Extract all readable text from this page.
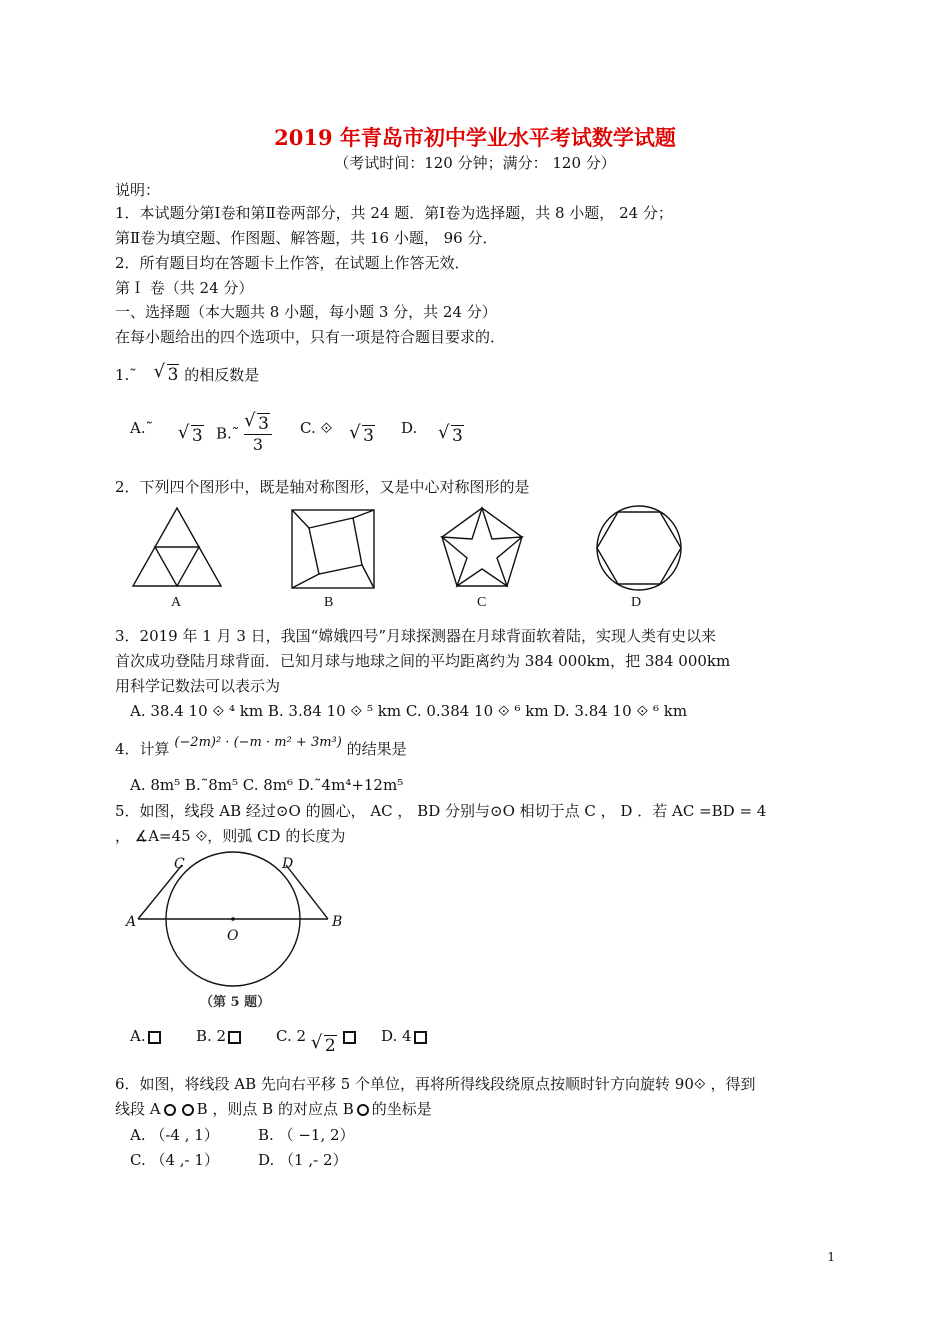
2019 年青岛市初中学业水平考试数学试题
（考试时间：120 分钟；满分： 120 分）
说明：
1．本试题分第Ⅰ卷和第Ⅱ卷两部分，共 24 题．第Ⅰ卷为选择题，共 8 小题， 24 分；
第Ⅱ卷为填空题、作图题、解答题，共 16 小题， 96 分．
2．所有题目均在答题卡上作答，在试题上作答无效．
第Ｉ 卷（共 24 分）
一、选择题（本大题共 8 小题，每小题 3 分，共 24 分）
在每小题给出的四个选项中，只有一项是符合题目要求的．
1.˜ √ 3 的相反数是
A.˜ √ 3 B.˜ √ $\frac{3}{3} C$. ⟐ √ 3 D. √ 3
2．下列四个图形中，既是轴对称图形，又是中心对称图形的是
A	B	C	D
3．2019 年 1 月 3 日，我国“嫦娥四号”月球探测器在月球背面软着陆，实现人类有史以来
首次成功登陆月球背面．已知月球与地球之间的平均距离约为 384 000km，把 384 000km
用科学记数法可以表示为
A. 38.4 10 ⟐ ⁴ km B. 3.84 10 ⟐ ⁵ km C. 0.384 10 ⟐ ⁶ km D. 3.84 10 ⟐ ⁶ km
4．计算 (−2m)² · (−m · m² + 3m³) 的结果是
A. 8m⁵ B.˜8m⁵ C. 8m⁶ D.˜4m⁴+12m⁵
5．如图，线段 AB 经过⊙O 的圆心， AC ， BD 分别与⊙O 相切于点 C ， D ．若 AC =BD = 4
， ∡A=45 ⟐，则弧 CD 的长度为
A	B
C	D
O
（第 5 题）
A.	B. 2	C. 2 √ 2	D. 4
6．如图，将线段 AB 先向右平移 5 个单位，再将所得线段绕原点按顺时针方向旋转 90⟐ ，得到
线段 A B ，则点 B 的对应点 B 的坐标是
A. （-4 , 1）	B. （ −1, 2）
C. （4 ,- 1）	D. （1 ,- 2）
1
